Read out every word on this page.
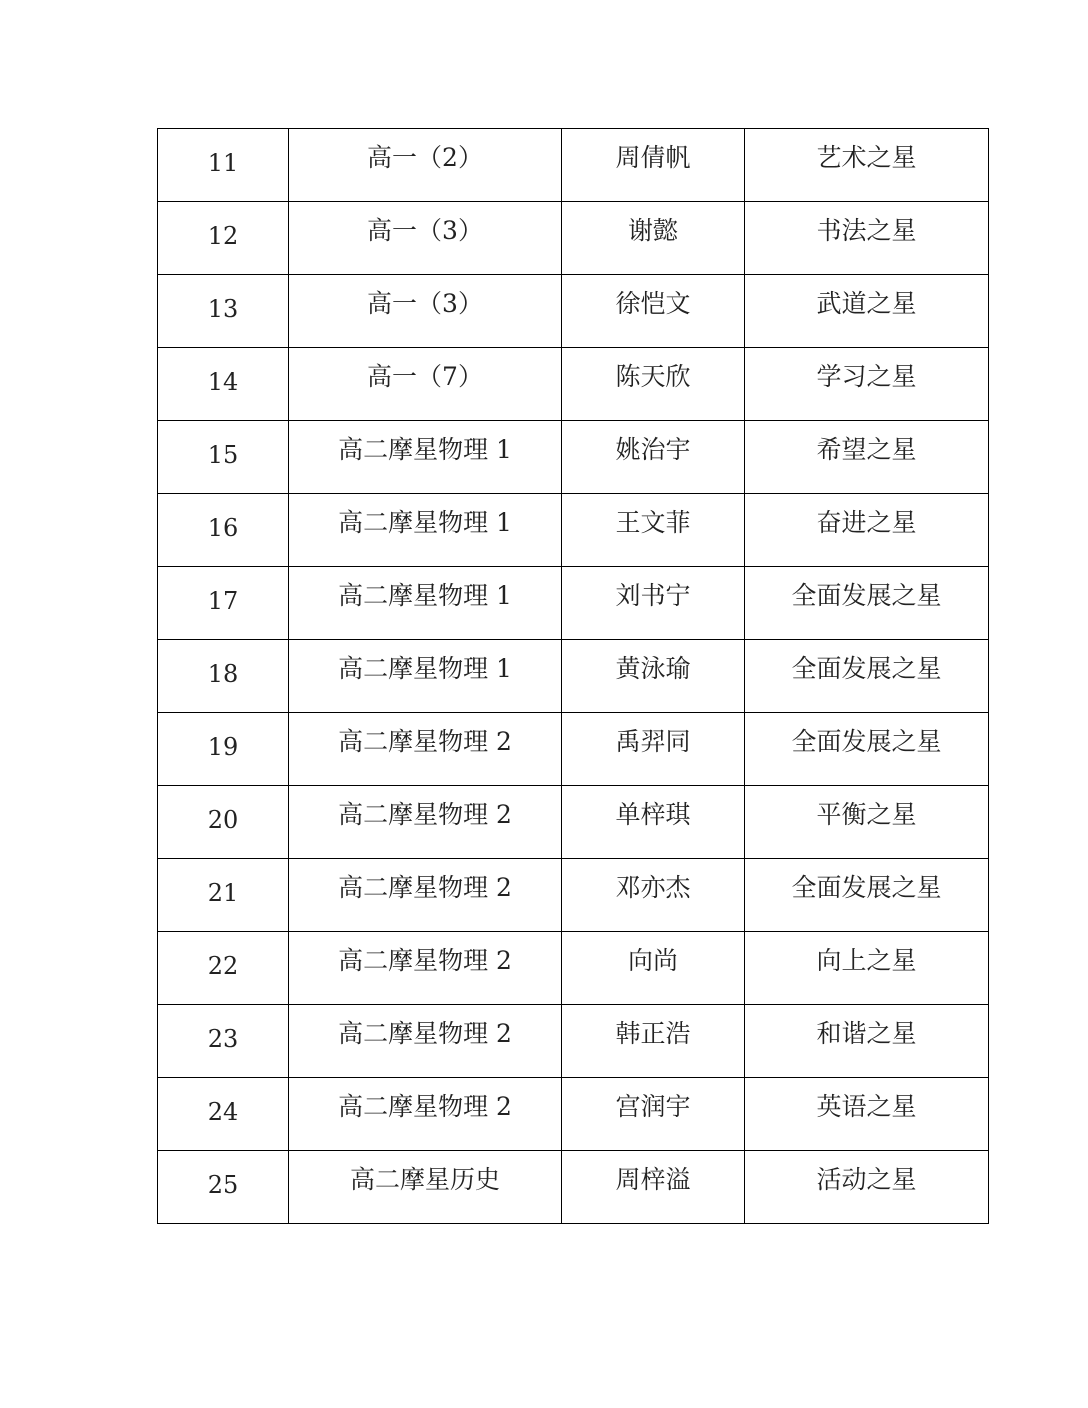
11	高一（2）	周倩帆	艺术之星

12	高一（3）	谢懿	书法之星

13	高一（3）	徐恺文	武道之星

14	高一（7）	陈天欣	学习之星

15	高二摩星物理 1	姚治宇	希望之星

16	高二摩星物理 1	王文菲	奋进之星

17	高二摩星物理 1	刘书宁	全面发展之星

18	高二摩星物理 1	黄泳瑜	全面发展之星

19	高二摩星物理 2	禹羿同	全面发展之星

20	高二摩星物理 2	单梓琪	平衡之星

21	高二摩星物理 2	邓亦杰	全面发展之星

22	高二摩星物理 2	向尚	向上之星

23	高二摩星物理 2	韩正浩	和谐之星

24	高二摩星物理 2	宫润宇	英语之星

25	高二摩星历史	周梓溢	活动之星
